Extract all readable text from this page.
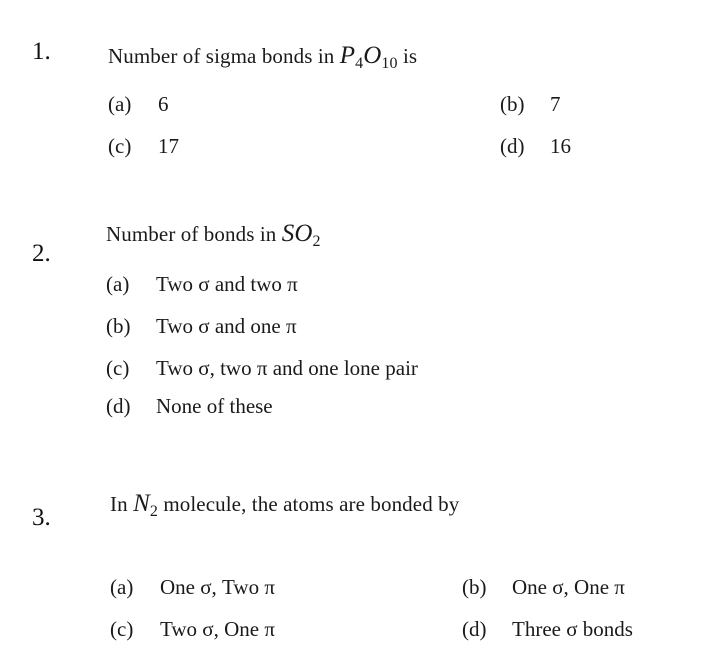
1.	Number of sigma bonds in $P_4O_{10}$ is
(a) 6	(b) 7
(c) 17	(d) 16
2.
Number of bonds in $SO_2$
(a) Two σ and two π
(b) Two σ and one π
(c) Two σ, two π and one lone pair
(d) None of these
3.	In $N_2$ molecule, the atoms are bonded by
(a) One σ, Two π	(b) One σ, One π
(c) Two σ, One π	(d) Three σ bonds
